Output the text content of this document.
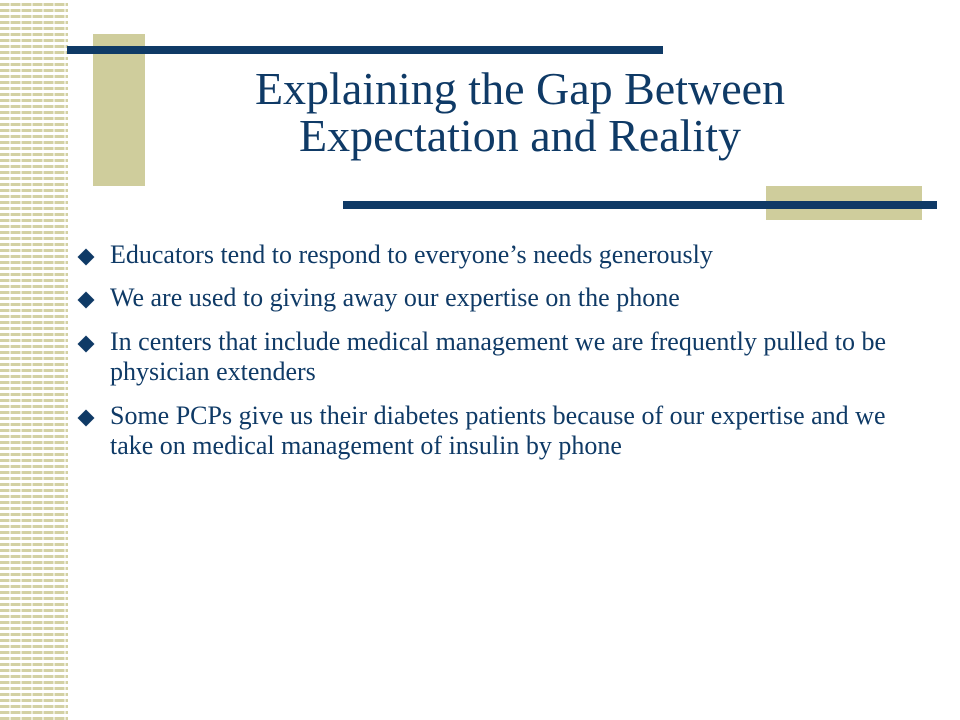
Explaining the Gap Between
Expectation and Reality
Educators tend to respond to everyone’s needs generously
We are used to giving away our expertise on the phone
In centers that include medical management we are frequently pulled to be physician extenders
Some PCPs give us their diabetes patients because of our expertise and we take on medical management of insulin by phone
